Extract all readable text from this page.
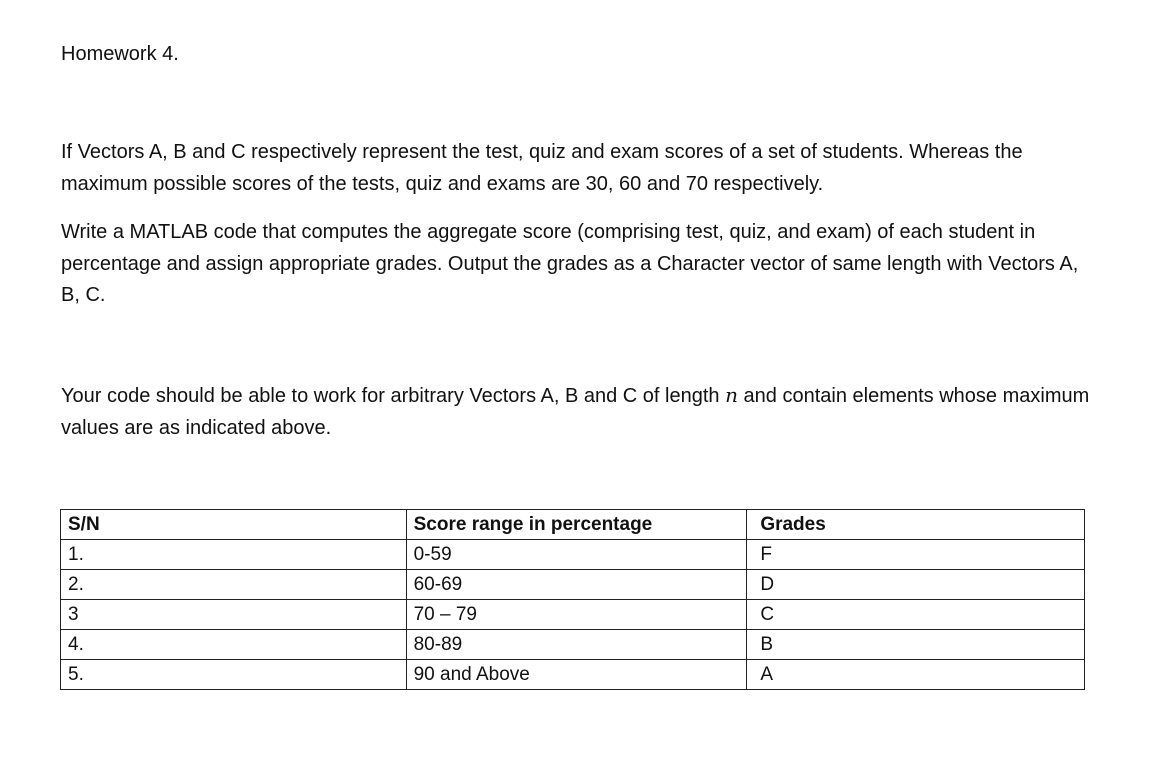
Homework 4.

If Vectors A, B and C respectively represent the test, quiz and exam scores of a set of students. Whereas the maximum possible scores of the tests, quiz and exams are 30, 60 and 70 respectively.

Write a MATLAB code that computes the aggregate score (comprising test, quiz, and exam) of each student in percentage and assign appropriate grades. Output the grades as a Character vector of same length with Vectors A, B, C.

Your code should be able to work for arbitrary Vectors A, B and C of length n and contain elements whose maximum values are as indicated above.

S/N	Score range in percentage	Grades
1.	0-59	F
2.	60-69	D
3	70 – 79	C
4.	80-89	B
5.	90 and Above	A
